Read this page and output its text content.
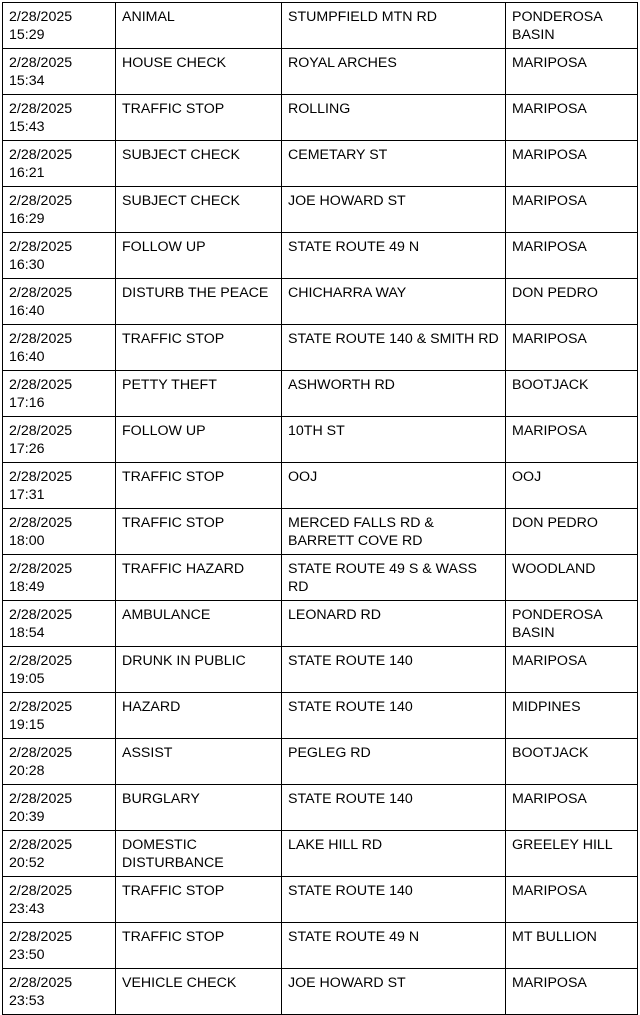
2/28/2025 15:29	ANIMAL	STUMPFIELD MTN RD	PONDEROSA BASIN
2/28/2025 15:34	HOUSE CHECK	ROYAL ARCHES	MARIPOSA
2/28/2025 15:43	TRAFFIC STOP	ROLLING	MARIPOSA
2/28/2025 16:21	SUBJECT CHECK	CEMETARY ST	MARIPOSA
2/28/2025 16:29	SUBJECT CHECK	JOE HOWARD ST	MARIPOSA
2/28/2025 16:30	FOLLOW UP	STATE ROUTE 49 N	MARIPOSA
2/28/2025 16:40	DISTURB THE PEACE	CHICHARRA WAY	DON PEDRO
2/28/2025 16:40	TRAFFIC STOP	STATE ROUTE 140 & SMITH RD	MARIPOSA
2/28/2025 17:16	PETTY THEFT	ASHWORTH RD	BOOTJACK
2/28/2025 17:26	FOLLOW UP	10TH ST	MARIPOSA
2/28/2025 17:31	TRAFFIC STOP	OOJ	OOJ
2/28/2025 18:00	TRAFFIC STOP	MERCED FALLS RD & BARRETT COVE RD	DON PEDRO
2/28/2025 18:49	TRAFFIC HAZARD	STATE ROUTE 49 S & WASS RD	WOODLAND
2/28/2025 18:54	AMBULANCE	LEONARD RD	PONDEROSA BASIN
2/28/2025 19:05	DRUNK IN PUBLIC	STATE ROUTE 140	MARIPOSA
2/28/2025 19:15	HAZARD	STATE ROUTE 140	MIDPINES
2/28/2025 20:28	ASSIST	PEGLEG RD	BOOTJACK
2/28/2025 20:39	BURGLARY	STATE ROUTE 140	MARIPOSA
2/28/2025 20:52	DOMESTIC DISTURBANCE	LAKE HILL RD	GREELEY HILL
2/28/2025 23:43	TRAFFIC STOP	STATE ROUTE 140	MARIPOSA
2/28/2025 23:50	TRAFFIC STOP	STATE ROUTE 49 N	MT BULLION
2/28/2025 23:53	VEHICLE CHECK	JOE HOWARD ST	MARIPOSA
